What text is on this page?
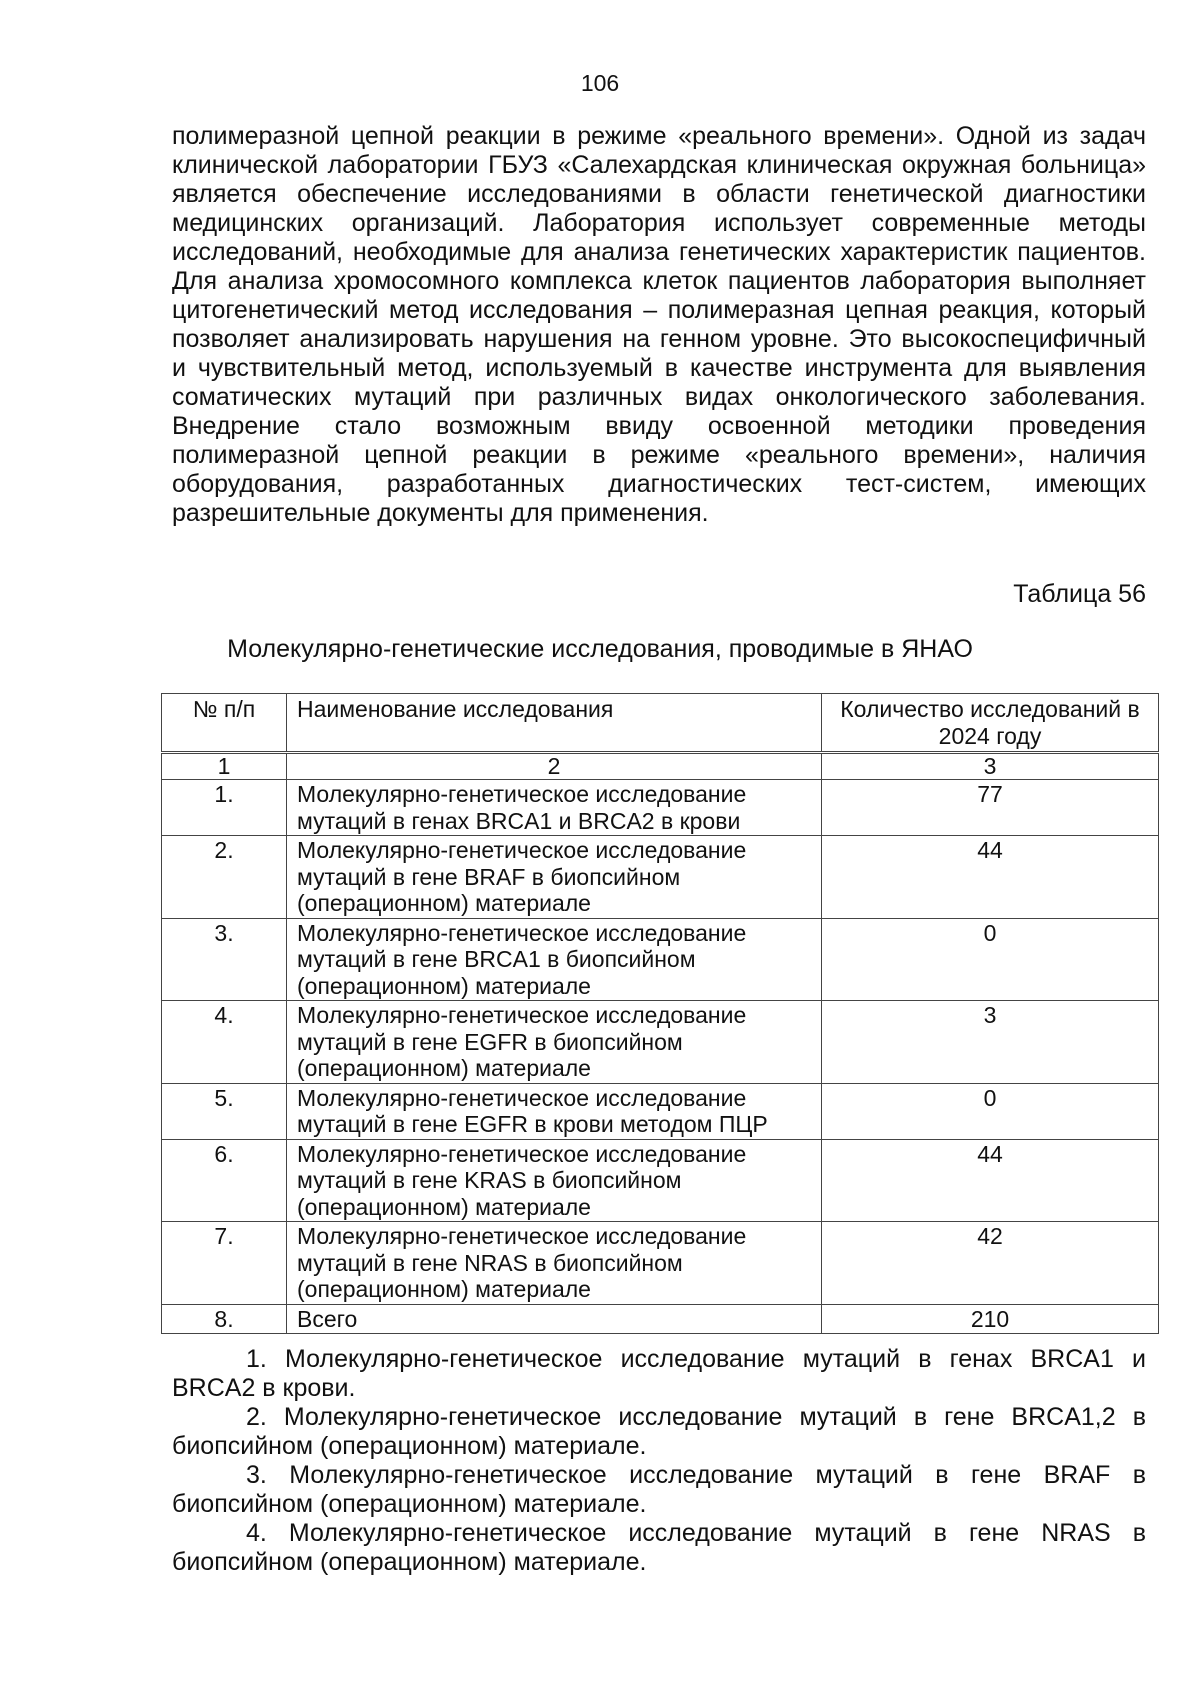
106

полимеразной цепной реакции в режиме «реального времени». Одной из задач клинической лаборатории ГБУЗ «Салехардская клиническая окружная больница» является обеспечение исследованиями в области генетической диагностики медицинских организаций. Лаборатория использует современные методы исследований, необходимые для анализа генетических характеристик пациентов. Для анализа хромосомного комплекса клеток пациентов лаборатория выполняет цитогенетический метод исследования – полимеразная цепная реакция, который позволяет анализировать нарушения на генном уровне. Это высокоспецифичный и чувствительный метод, используемый в качестве инструмента для выявления соматических мутаций при различных видах онкологического заболевания. Внедрение стало возможным ввиду освоенной методики проведения полимеразной цепной реакции в режиме «реального времени», наличия оборудования, разработанных диагностических тест-систем, имеющих разрешительные документы для применения.

Таблица 56
Молекулярно-генетические исследования, проводимые в ЯНАО
№ п/п	Наименование исследования	Количество исследований в 2024 году
1	2	3
1.	Молекулярно-генетическое исследование мутаций в генах BRCA1 и BRCA2 в крови	77
2.	Молекулярно-генетическое исследование мутаций в гене BRAF в биопсийном (операционном) материале	44
3.	Молекулярно-генетическое исследование мутаций в гене BRCA1 в биопсийном (операционном) материале	0
4.	Молекулярно-генетическое исследование мутаций в гене EGFR в биопсийном (операционном) материале	3
5.	Молекулярно-генетическое исследование мутаций в гене EGFR в крови методом ПЦР	0
6.	Молекулярно-генетическое исследование мутаций в гене KRAS в биопсийном (операционном) материале	44
7.	Молекулярно-генетическое исследование мутаций в гене NRAS в биопсийном (операционном) материале	42
8.	Всего	210
1. Молекулярно-генетическое исследование мутаций в генах BRCA1 и BRCA2 в крови.
2. Молекулярно-генетическое исследование мутаций в гене BRCA1,2 в биопсийном (операционном) материале.
3. Молекулярно-генетическое исследование мутаций в гене BRAF в биопсийном (операционном) материале.
4. Молекулярно-генетическое исследование мутаций в гене NRAS в биопсийном (операционном) материале.
